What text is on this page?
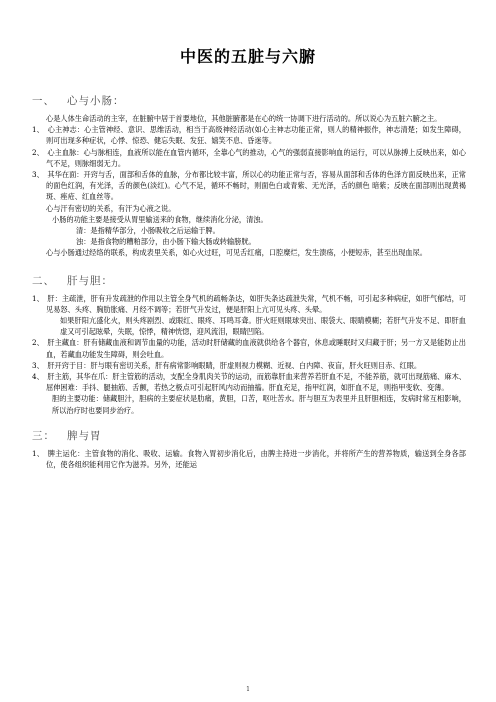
中医的五脏与六腑
一、 心与小肠：

心是人体生命活动的主宰，在脏腑中居于首要地位，其他脏腑都是在心的统一协调下进行活动的。所以说心为五脏六腑之主。

1、　心主神志：心主管神经、意识、思维活动，相当于高级神经活动(如心主神志功能正常，则人的精神振作，神志清楚；如发生障碍，则可出现多种症状，心悸、惊恐、健忘失眠、发狂、嬉笑不息、昏迷等。

2、　心主血脉：心与脉相连，血液所以能在血管内循环，全靠心气的推动，心气的强弱直接影响血的运行，可以从脉搏上反映出来，如心气不足，则脉细弱无力。

3、　其华在面：开窍与舌，面部和舌体的血脉，分布都比较丰富，所以心的功能正常与否，容易从面部和舌体的色泽方面反映出来，正常的面色红润，有光泽，舌的颜色(淡红)。心气不足，循环不畅时，则面色白或青紫、无光泽，舌的颜色 暗紫；反映在面部则出现黄褐斑、痤疮、红血丝等。

心与汗有密切的关系，有汗为心液之说。

小肠的功能主要是接受从胃里输送来的食物，继续消化分泌，清浊。

清：是指精华部分，小肠吸收之后运输于脾。

浊：是指食物的糟粕部分，由小肠下输大肠或转输膀胱。

心与小肠通过经络的联系，构成表里关系，如心火过旺，可见舌红痛，口腔糜烂，发生溃疡，小便短赤，甚至出现血尿。

二、 肝与胆：

1、　肝：主疏泄，肝有升发疏泄的作用以主管全身气机的疏畅条达，如肝失条达疏泄失常，气机不畅，可引起多种病症，如肝气郁结，可见易怒、头疼、胸肋胀痛、月经不调等；若肝气升发过，便是肝阳上亢可见头疼、头晕。

如果肝阳亢盛化火，则头疼剧烈、或眼红、眼疼、耳鸣耳聋。肝火旺则眼球突出、眼袋大、眼睛模糊；若肝气升发不足、即肝血虚又可引起眩晕，失眠，惊悸，精神恍惚，迎风流泪，眼睛凹陷。

2、　肝主藏血：肝有储藏血液和调节血量的功能，活动时肝储藏的血液就供给各个器官，休息或睡眠时又归藏于肝；另一方又是能防止出血，若藏血功能发生障碍，则会吐血。

3、　肝开窍于目：肝与眼有密切关系，肝有病常影响眼睛，肝虚则视力模糊、近视、白内障、夜盲，肝火旺则目赤、红眼。

4、　肝主筋，其华在爪：肝主管筋的活动，支配全身肌肉关节的运动，而筋靠肝血来营养若肝血不足，不能养筋，就可出现筋痛、麻木、屈伸困难：手抖、腿抽筋、舌颤，若热之极点可引起肝风内动而抽搐。肝血充足，指甲红润，如肝血不足，则指甲变软、变薄。

胆的主要功能：储藏胆汁，胆病的主要症状是肋痛，黄胆，口苦，呕吐苦水。肝与胆互为表里并且肝胆相连，发病时常互相影响，所以治疗时也要同步治疗。

三： 脾与胃

1、　脾主运化：主管食物的消化、吸收、运输。食物入胃初步消化后，由脾主持进一步消化，并将所产生的营养物质，输送到全身各部位，使各组织能利用它作为滋养。另外，还能运

1
